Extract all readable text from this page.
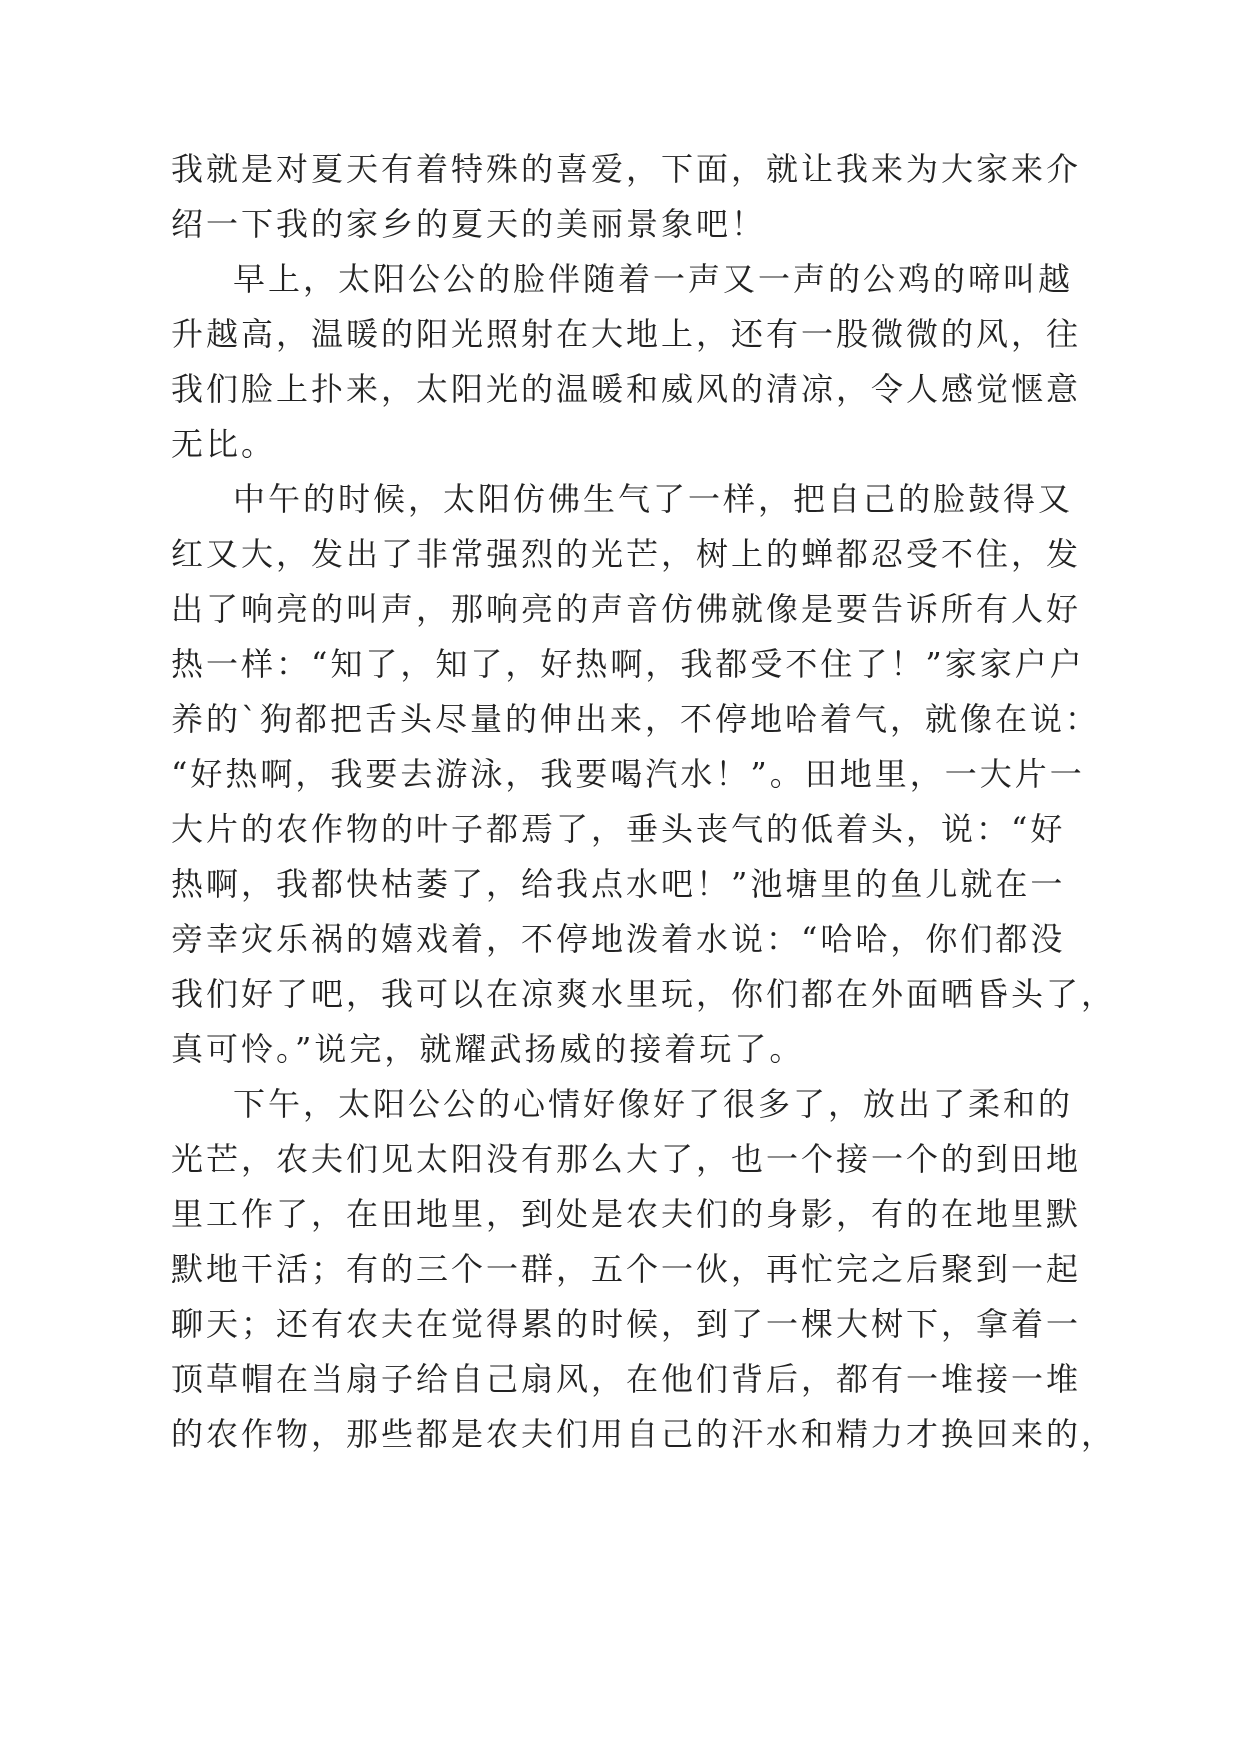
我就是对夏天有着特殊的喜爱，下面，就让我来为大家来介
绍一下我的家乡的夏天的美丽景象吧！
早上，太阳公公的脸伴随着一声又一声的公鸡的啼叫越
升越高，温暖的阳光照射在大地上，还有一股微微的风，往
我们脸上扑来，太阳光的温暖和威风的清凉，令人感觉惬意
无比。
中午的时候，太阳仿佛生气了一样，把自己的脸鼓得又
红又大，发出了非常强烈的光芒，树上的蝉都忍受不住，发
出了响亮的叫声，那响亮的声音仿佛就像是要告诉所有人好
热一样：“知了，知了，好热啊，我都受不住了！”家家户户
养的`狗都把舌头尽量的伸出来，不停地哈着气，就像在说：
“好热啊，我要去游泳，我要喝汽水！”。田地里，一大片一
大片的农作物的叶子都焉了，垂头丧气的低着头，说：“好
热啊，我都快枯萎了，给我点水吧！”池塘里的鱼儿就在一
旁幸灾乐祸的嬉戏着，不停地泼着水说：“哈哈，你们都没
我们好了吧，我可以在凉爽水里玩，你们都在外面晒昏头了，
真可怜。”说完，就耀武扬威的接着玩了。
下午，太阳公公的心情好像好了很多了，放出了柔和的
光芒，农夫们见太阳没有那么大了，也一个接一个的到田地
里工作了，在田地里，到处是农夫们的身影，有的在地里默
默地干活；有的三个一群，五个一伙，再忙完之后聚到一起
聊天；还有农夫在觉得累的时候，到了一棵大树下，拿着一
顶草帽在当扇子给自己扇风，在他们背后，都有一堆接一堆
的农作物，那些都是农夫们用自己的汗水和精力才换回来的，
